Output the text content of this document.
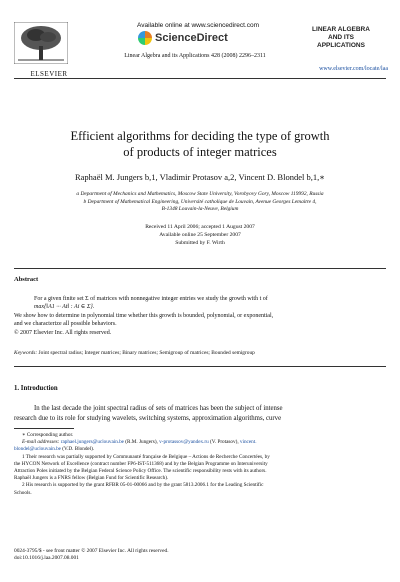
ELSEVIER
Available online at www.sciencedirect.com
ScienceDirect
Linear Algebra and its Applications 428 (2008) 2296–2311
LINEAR ALGEBRA
AND ITS
APPLICATIONS
www.elsevier.com/locate/laa
Efficient algorithms for deciding the type of growth
of products of integer matrices
Raphaël M. Jungers b,1, Vladimir Protasov a,2, Vincent D. Blondel b,1,∗
a Department of Mechanics and Mathematics, Moscow State University, Vorobyovy Gory, Moscow 119992, Russia
b Department of Mathematical Engineering, Université catholique de Louvain, Avenue Georges Lemaitre 4,
B-1348 Louvain-la-Neuve, Belgium
Received 11 April 2006; accepted 1 August 2007
Available online 25 September 2007
Submitted by F. Wirth
Abstract

For a given finite set Σ of matrices with nonnegative integer entries we study the growth with t of

max{‖A1 ··· At‖ : Ai ∈ Σ}.

We show how to determine in polynomial time whether this growth is bounded, polynomial, or exponential,

and we characterize all possible behaviors.

© 2007 Elsevier Inc. All rights reserved.

Keywords: Joint spectral radius; Integer matrices; Binary matrices; Semigroup of matrices; Bounded semigroup
1. Introduction
In the last decade the joint spectral radius of sets of matrices has been the subject of intense
research due to its role for studying wavelets, switching systems, approximation algorithms, curve

∗ Corresponding author.

E-mail addresses: raphael.jungers@uclouvain.be (R.M. Jungers), v-protassov@yandex.ru (V. Protasov), vincent.

blondel@uclouvain.be (V.D. Blondel).

1 Their research was partially supported by Communauté française de Belgique – Actions de Recherche Concertées, by

the HYCON Network of Excellence (contract number FP6-IST-511368) and by the Belgian Programme on Interuniversity

Attraction Poles initiated by the Belgian Federal Science Policy Office. The scientific responsibility rests with its authors.

Raphaël Jungers is a FNRS fellow (Belgian Fund for Scientific Research).

2 His research is supported by the grant RFBR 05-01-00066 and by the grant 5813.2006.1 for the Leading Scientific

Schools.

0024-3795/$ - see front matter © 2007 Elsevier Inc. All rights reserved.
doi:10.1016/j.laa.2007.08.001
